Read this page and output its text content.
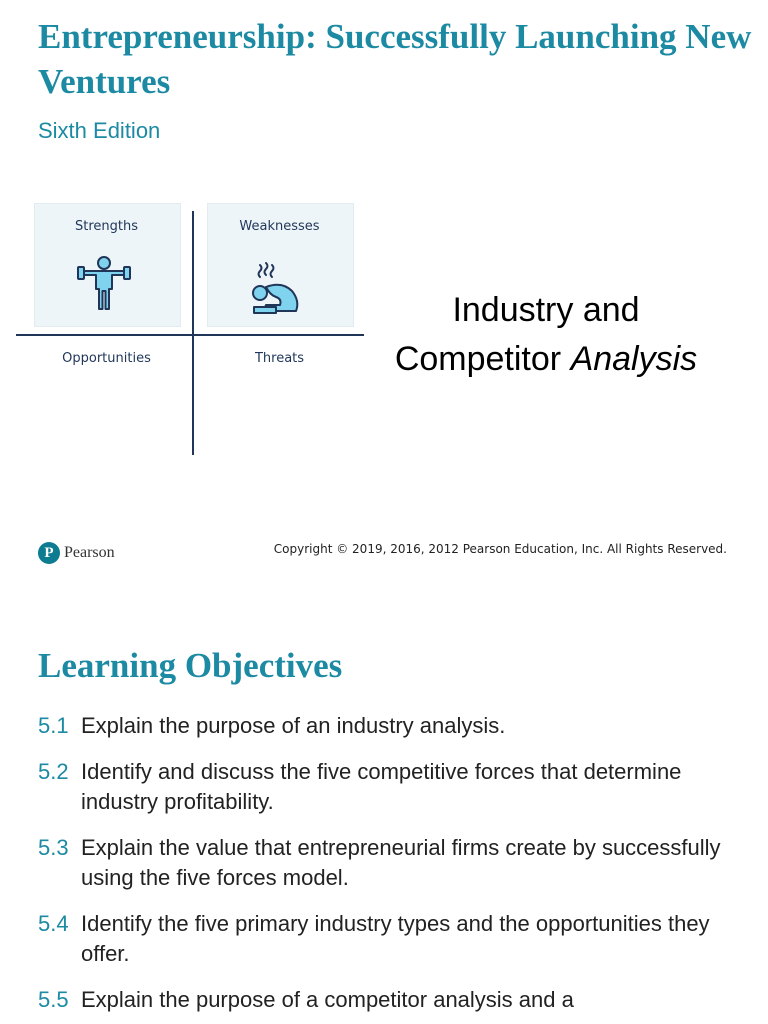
Entrepreneurship: Successfully Launching New Ventures
Sixth Edition
Strengths	Weaknesses
Opportunities	Threats
Industry and
Competitor Analysis
P Pearson	Copyright © 2019, 2016, 2012 Pearson Education, Inc. All Rights Reserved.
Learning Objectives
5.1 Explain the purpose of an industry analysis.
5.2 Identify and discuss the five competitive forces that determine industry profitability.
5.3 Explain the value that entrepreneurial firms create by successfully using the five forces model.
5.4 Identify the five primary industry types and the opportunities they offer.
5.5 Explain the purpose of a competitor analysis and a
